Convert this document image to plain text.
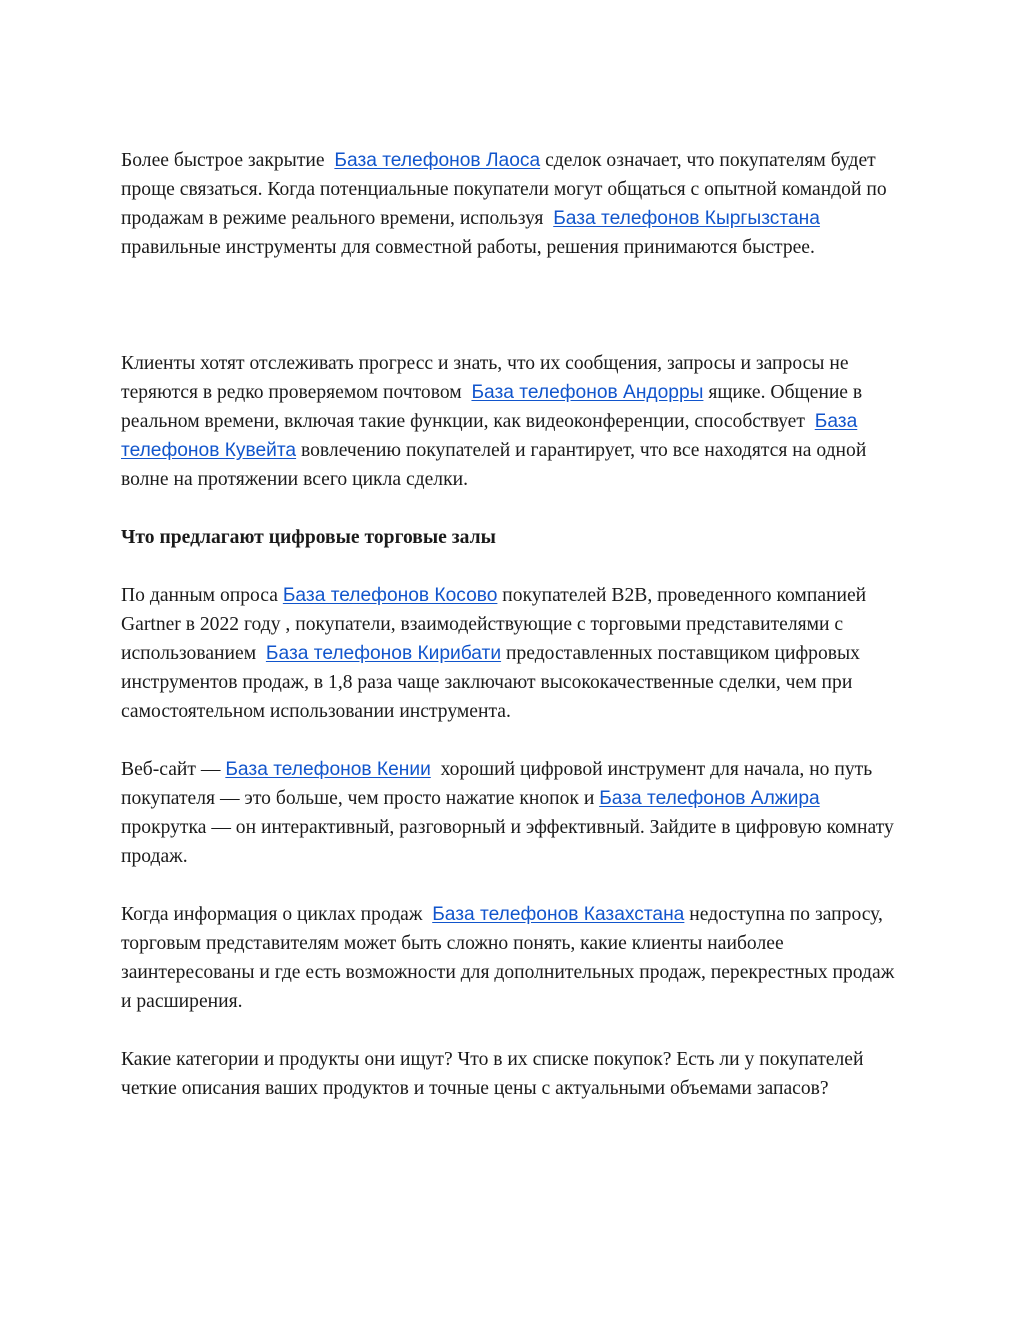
Более быстрое закрытие  База телефонов Лаоса сделок означает, что покупателям будет проще связаться. Когда потенциальные покупатели могут общаться с опытной командой по продажам в режиме реального времени, используя  База телефонов Кыргызстана  правильные инструменты для совместной работы, решения принимаются быстрее.

Клиенты хотят отслеживать прогресс и знать, что их сообщения, запросы и запросы не теряются в редко проверяемом почтовом  База телефонов Андорры ящике. Общение в реальном времени, включая такие функции, как видеоконференции, способствует  База телефонов Кувейта вовлечению покупателей и гарантирует, что все находятся на одной волне на протяжении всего цикла сделки.

Что предлагают цифровые торговые залы

По данным опроса База телефонов Косово покупателей B2B, проведенного компанией Gartner в 2022 году , покупатели, взаимодействующие с торговыми представителями с использованием  База телефонов Кирибати предоставленных поставщиком цифровых инструментов продаж, в 1,8 раза чаще заключают высококачественные сделки, чем при самостоятельном использовании инструмента.

Веб-сайт — База телефонов Кении  хороший цифровой инструмент для начала, но путь покупателя — это больше, чем просто нажатие кнопок и База телефонов Алжира  прокрутка — он интерактивный, разговорный и эффективный. Зайдите в цифровую комнату продаж.

Когда информация о циклах продаж  База телефонов Казахстана недоступна по запросу, торговым представителям может быть сложно понять, какие клиенты наиболее заинтересованы и где есть возможности для дополнительных продаж, перекрестных продаж и расширения.

Какие категории и продукты они ищут? Что в их списке покупок? Есть ли у покупателей четкие описания ваших продуктов и точные цены с актуальными объемами запасов?
